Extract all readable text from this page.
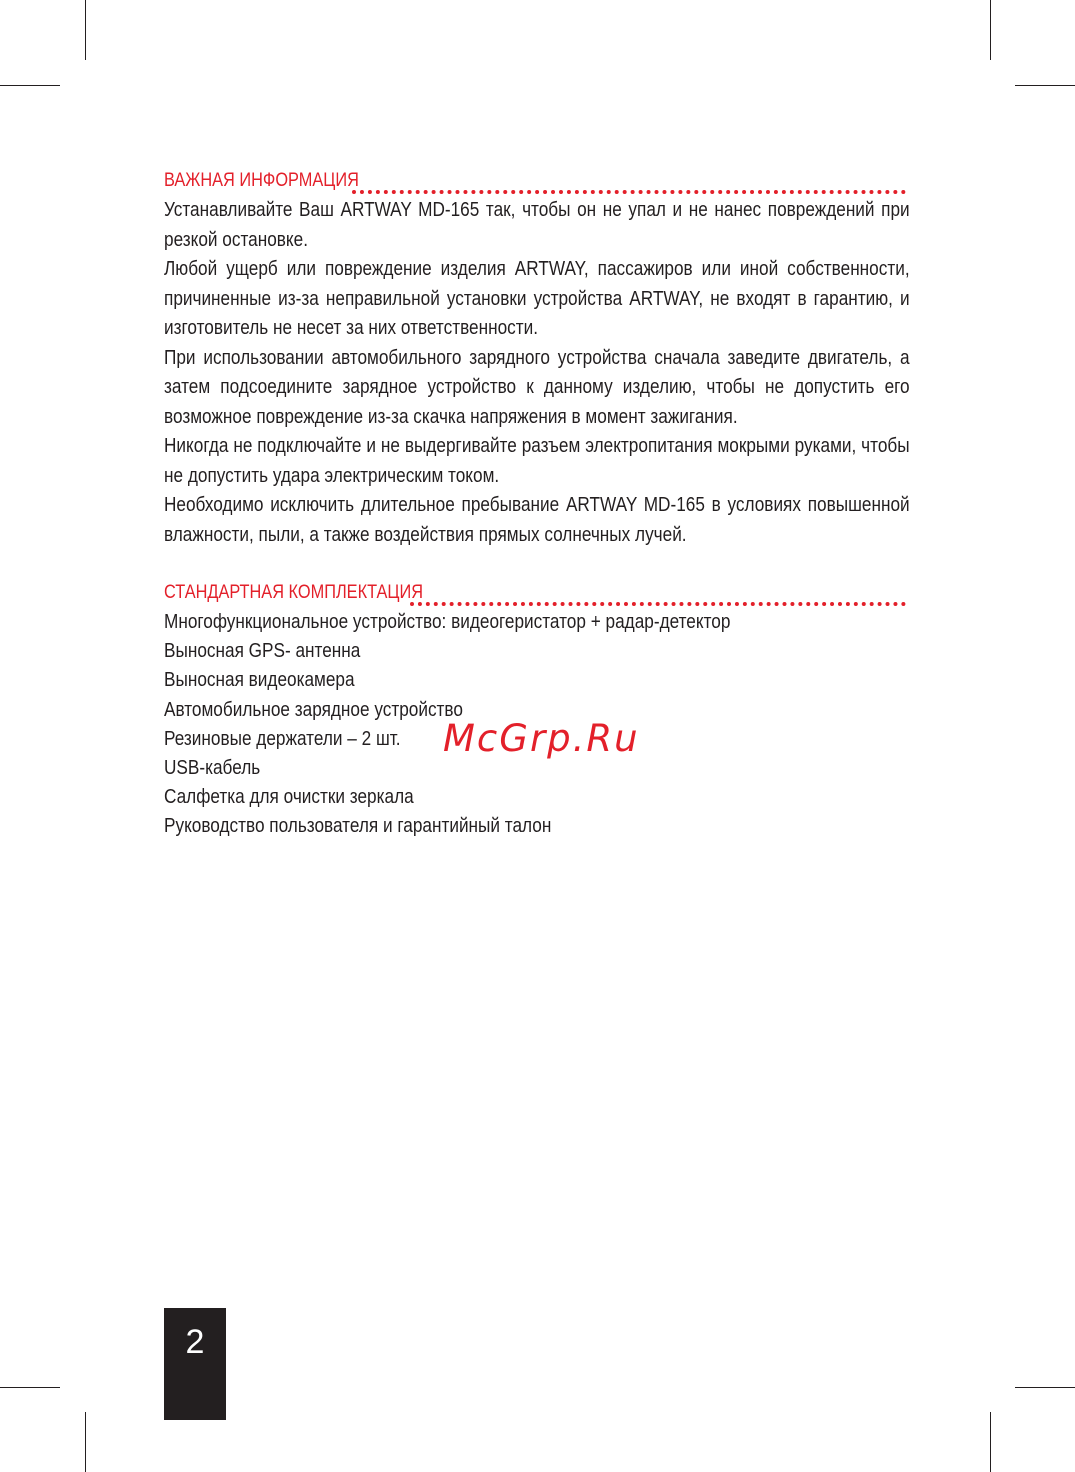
ВАЖНАЯ ИНФОРМАЦИЯ

Устанавливайте Ваш ARTWAY MD-165 так, чтобы он не упал и не нанес повреждений при резкой остановке.

Любой ущерб или повреждение изделия ARTWAY, пассажиров или иной собственности, причиненные из-за неправильной установки устройства ARTWAY, не входят в гарантию, и изготовитель не несет за них ответственности.

При использовании автомобильного зарядного устройства сначала заведите двигатель, а затем подсоедините зарядное устройство к данному изделию, чтобы не допустить его возможное повреждение из-за скачка напряжения в момент зажигания.

Никогда не подключайте и не выдергивайте разъем электропитания мокрыми руками, чтобы не допустить удара электрическим током.

Необходимо исключить длительное пребывание ARTWAY MD-165 в условиях повышенной влажности, пыли, а также воздействия прямых солнечных лучей.

СТАНДАРТНАЯ КОМПЛЕКТАЦИЯ
Многофункциональное устройство: видеогеристатор + радар-детектор
Выносная GPS- антенна
Выносная видеокамера
Автомобильное зарядное устройство
Резиновые держатели – 2 шт.
USB-кабель
Салфетка для очистки зеркала
Руководство пользователя и гарантийный талон
McGrp.Ru
2
